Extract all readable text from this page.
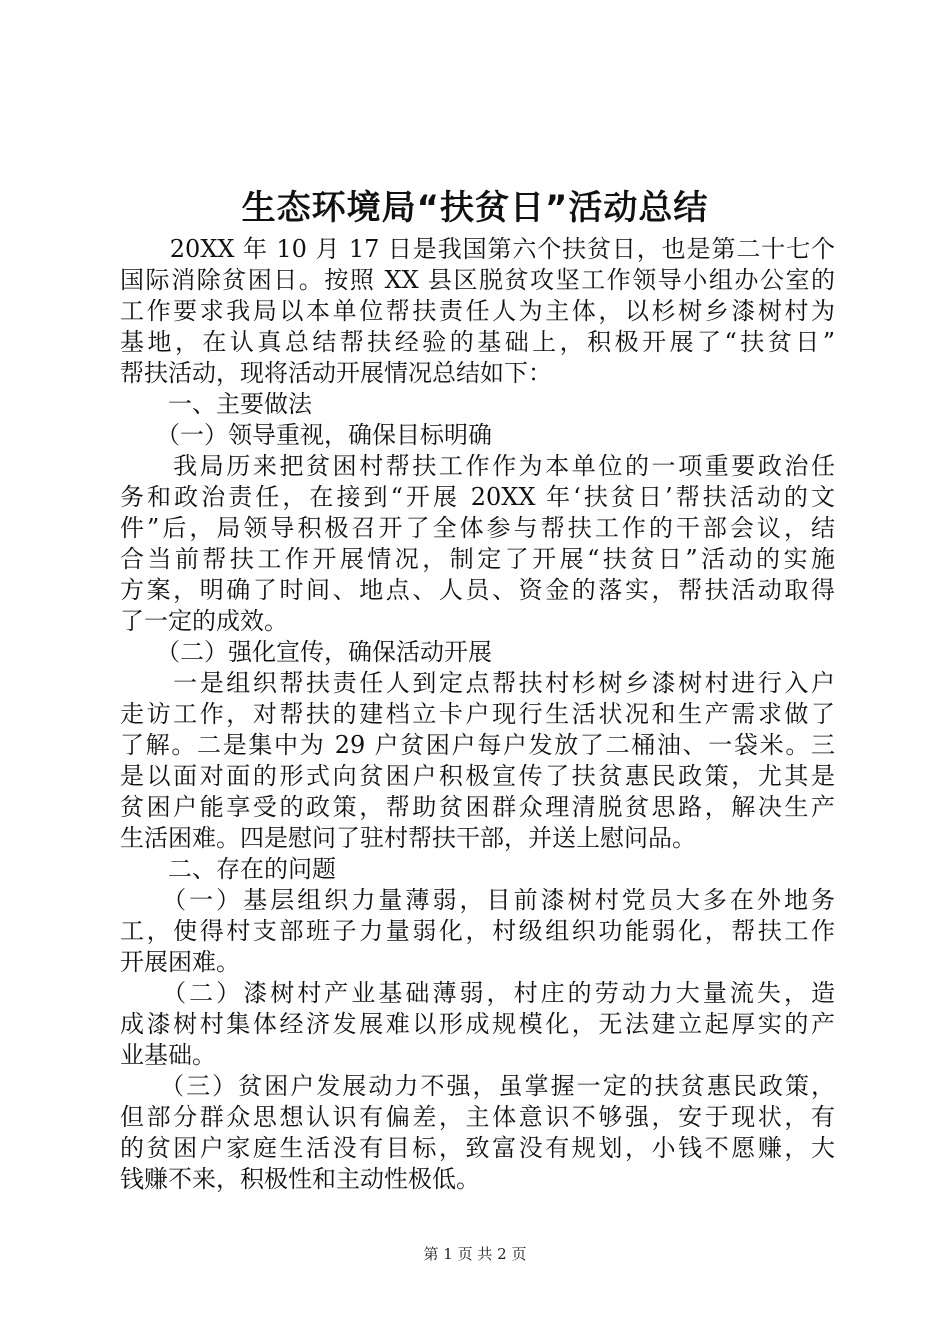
生态环境局“扶贫日”活动总结
　　20XX 年 10 月 17 日是我国第六个扶贫日，也是第二十七个
国际消除贫困日。按照 XX 县区脱贫攻坚工作领导小组办公室的
工作要求我局以本单位帮扶责任人为主体，以杉树乡漆树村为
基地，在认真总结帮扶经验的基础上，积极开展了“扶贫日”
帮扶活动，现将活动开展情况总结如下：
　　一、主要做法
　　（一）领导重视，确保目标明确
　　我局历来把贫困村帮扶工作作为本单位的一项重要政治任
务和政治责任，在接到“开展 20XX 年‘扶贫日’帮扶活动的文
件”后，局领导积极召开了全体参与帮扶工作的干部会议，结
合当前帮扶工作开展情况，制定了开展“扶贫日”活动的实施
方案，明确了时间、地点、人员、资金的落实，帮扶活动取得
了一定的成效。
　　（二）强化宣传，确保活动开展
　　一是组织帮扶责任人到定点帮扶村杉树乡漆树村进行入户
走访工作，对帮扶的建档立卡户现行生活状况和生产需求做了
了解。二是集中为 29 户贫困户每户发放了二桶油、一袋米。三
是以面对面的形式向贫困户积极宣传了扶贫惠民政策，尤其是
贫困户能享受的政策，帮助贫困群众理清脱贫思路，解决生产
生活困难。四是慰问了驻村帮扶干部，并送上慰问品。
　　二、存在的问题
　　（一）基层组织力量薄弱，目前漆树村党员大多在外地务
工，使得村支部班子力量弱化，村级组织功能弱化，帮扶工作
开展困难。
　　（二）漆树村产业基础薄弱，村庄的劳动力大量流失，造
成漆树村集体经济发展难以形成规模化，无法建立起厚实的产
业基础。
　　（三）贫困户发展动力不强，虽掌握一定的扶贫惠民政策，
但部分群众思想认识有偏差，主体意识不够强，安于现状，有
的贫困户家庭生活没有目标，致富没有规划，小钱不愿赚，大
钱赚不来，积极性和主动性极低。
第 1 页 共 2 页
